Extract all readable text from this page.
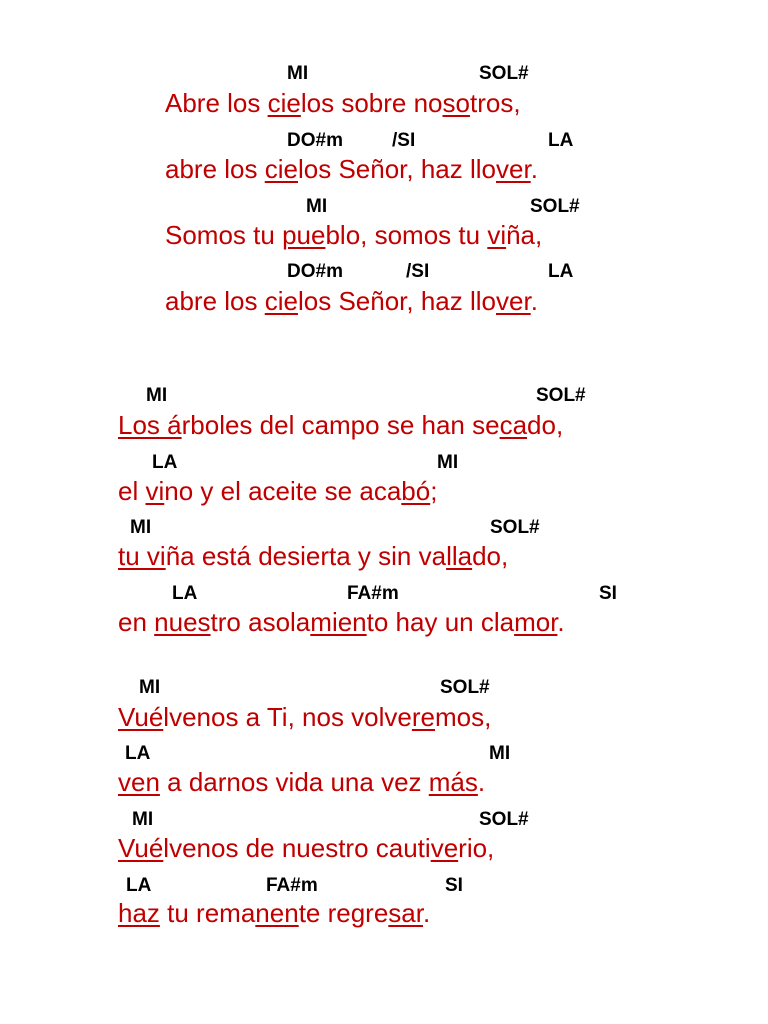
MI	SOL#
Abre los cielos sobre nosotros,
DO#m	/SI	LA
abre los cielos Señor, haz llover.
MI	SOL#
Somos tu pueblo, somos tu viña,
DO#m	/SI	LA
abre los cielos Señor, haz llover.
MI	SOL#
Los árboles del campo se han secado,
LA	MI
el vino y el aceite se acabó;
MI	SOL#
tu viña está desierta y sin vallado,
LA	FA#m	SI
en nuestro asolamiento hay un clamor.
MI	SOL#
Vuélvenos a Ti, nos volveremos,
LA	MI
ven a darnos vida una vez más.
MI	SOL#
Vuélvenos de nuestro cautiverio,
LA	FA#m	SI
haz tu remanente regresar.
